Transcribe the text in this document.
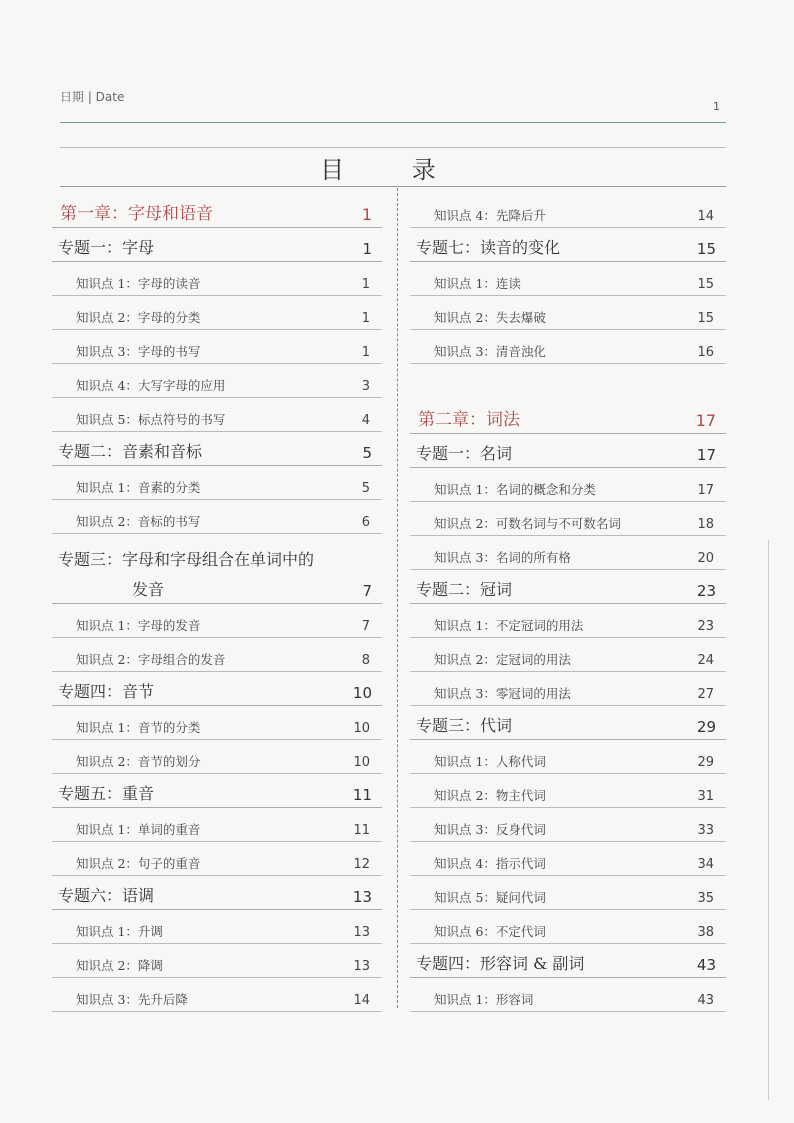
日期 | Date
1
目 录
第一章：字母和语音	1
专题一：字母	1
知识点 1：字母的读音	1
知识点 2：字母的分类	1
知识点 3：字母的书写	1
知识点 4：大写字母的应用	3
知识点 5：标点符号的书写	4
专题二：音素和音标	5
知识点 1：音素的分类	5
知识点 2：音标的书写	6
专题三：字母和字母组合在单词中的
发音	7
知识点 1：字母的发音	7
知识点 2：字母组合的发音	8
专题四：音节	10
知识点 1：音节的分类	10
知识点 2：音节的划分	10
专题五：重音	11
知识点 1：单词的重音	11
知识点 2：句子的重音	12
专题六：语调	13
知识点 1：升调	13
知识点 2：降调	13
知识点 3：先升后降	14
知识点 4：先降后升	14
专题七：读音的变化	15
知识点 1：连读	15
知识点 2：失去爆破	15
知识点 3：清音浊化	16
第二章：词法	17
专题一：名词	17
知识点 1：名词的概念和分类	17
知识点 2：可数名词与不可数名词	18
知识点 3：名词的所有格	20
专题二：冠词	23
知识点 1：不定冠词的用法	23
知识点 2：定冠词的用法	24
知识点 3：零冠词的用法	27
专题三：代词	29
知识点 1：人称代词	29
知识点 2：物主代词	31
知识点 3：反身代词	33
知识点 4：指示代词	34
知识点 5：疑问代词	35
知识点 6：不定代词	38
专题四：形容词 & 副词	43
知识点 1：形容词	43
